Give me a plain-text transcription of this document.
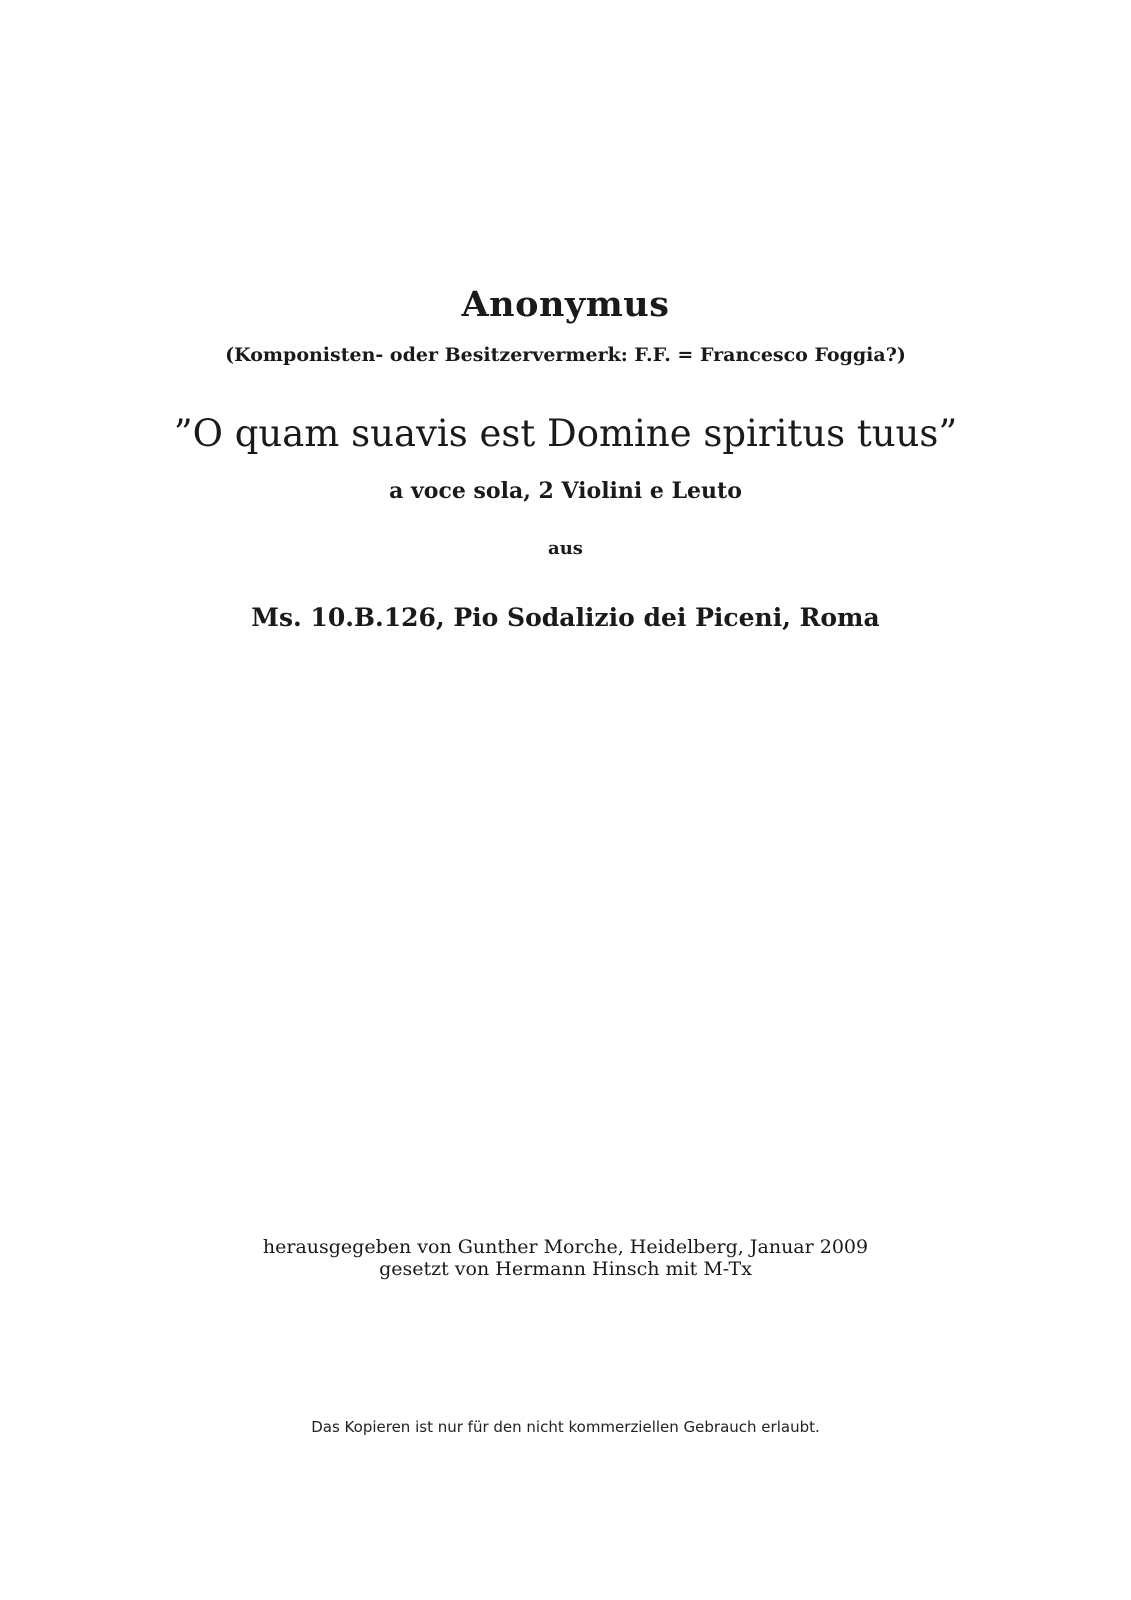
Anonymus

(Komponisten- oder Besitzervermerk: F.F. = Francesco Foggia?)

”O quam suavis est Domine spiritus tuus”

a voce sola, 2 Violini e Leuto

aus

Ms. 10.B.126, Pio Sodalizio dei Piceni, Roma

herausgegeben von Gunther Morche, Heidelberg, Januar 2009

gesetzt von Hermann Hinsch mit M-Tx

Das Kopieren ist nur für den nicht kommerziellen Gebrauch erlaubt.
